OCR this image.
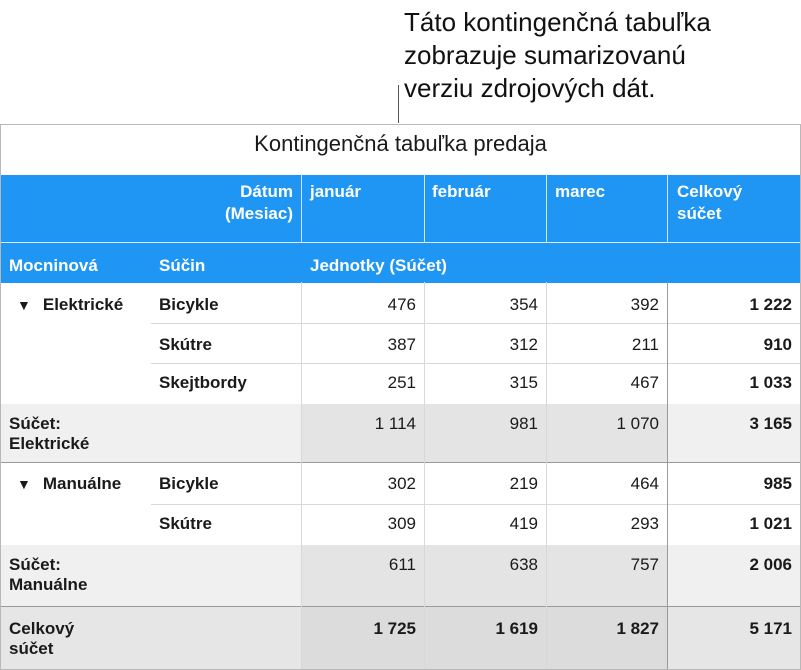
Táto kontingenčná tabuľka
zobrazuje sumarizovanú
verziu zdrojových dát.
Kontingenčná tabuľka predaja
Dátum
(Mesiac)
január	február	marec	Celkový
súčet
Mocninová	Súčin	Jednotky (Súčet)
▼ Elektrické	Bicykle	476	354	392	1 222
Skútre	387	312	211	910
Skejtbordy	251	315	467	1 033
Súčet:
Elektrické
1 114	981	1 070	3 165
▼ Manuálne	Bicykle	302	219	464	985
Skútre	309	419	293	1 021
Súčet:
Manuálne
611	638	757	2 006
Celkový
súčet
1 725	1 619	1 827	5 171
